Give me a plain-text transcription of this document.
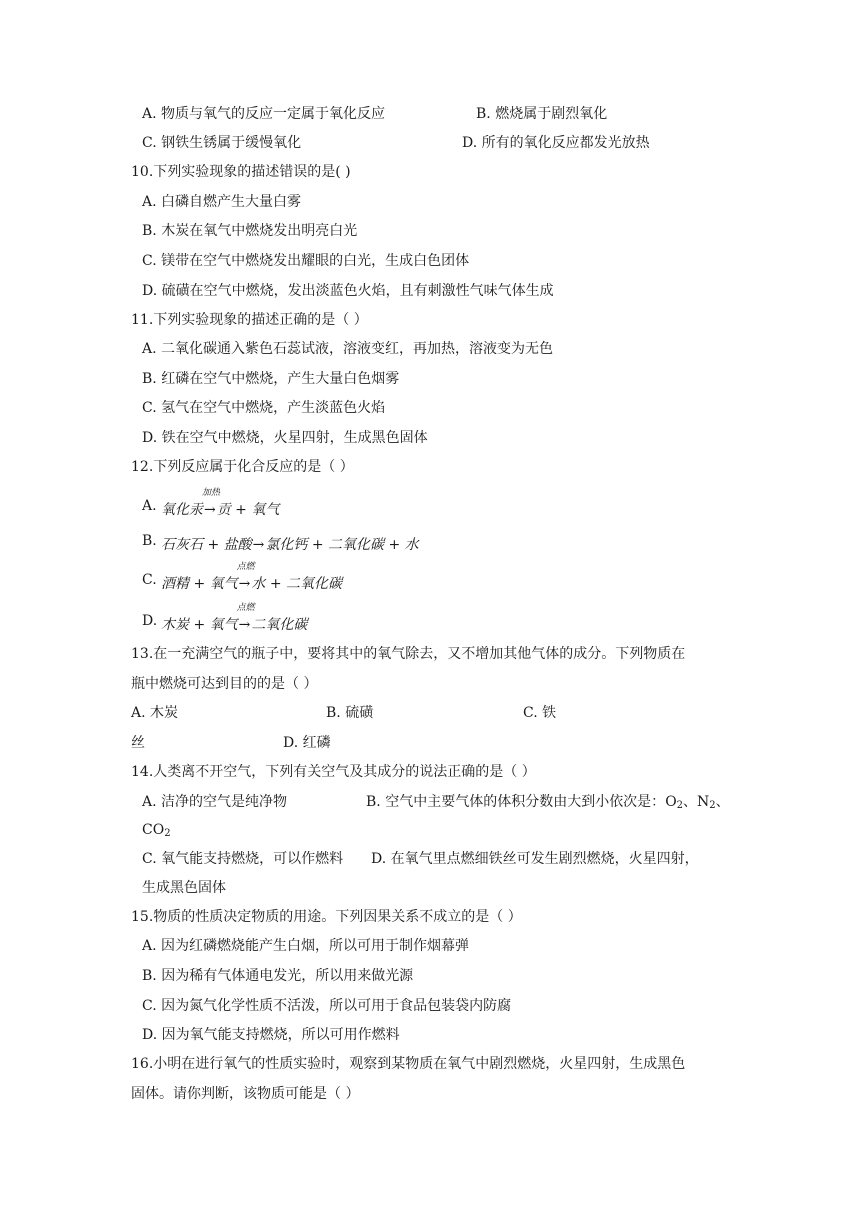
A. 物质与氧气的反应一定属于氧化反应	B. 燃烧属于剧烈氧化
C. 钢铁生锈属于缓慢氧化	D. 所有的氧化反应都发光放热
10.下列实验现象的描述错误的是( )
A. 白磷自燃产生大量白雾
B. 木炭在氧气中燃烧发出明亮白光
C. 镁带在空气中燃烧发出耀眼的白光，生成白色团体
D. 硫磺在空气中燃烧，发出淡蓝色火焰，且有刺激性气味气体生成
11.下列实验现象的描述正确的是（ ）
A. 二氧化碳通入紫色石蕊试液，溶液变红，再加热，溶液变为无色
B. 红磷在空气中燃烧，产生大量白色烟雾
C. 氢气在空气中燃烧，产生淡蓝色火焰
D. 铁在空气中燃烧，火星四射，生成黑色固体
12.下列反应属于化合反应的是（ ）
A. 氧化汞
加热
→贡 + 氧气
B. 石灰石 + 盐酸→氯化钙 + 二氧化碳 + 水
C. 酒精 + 氧气
点燃
→水 + 二氧化碳
D. 木炭 + 氧气
点燃
→二氧化碳
13.在一充满空气的瓶子中，要将其中的氧气除去，又不增加其他气体的成分。下列物质在
瓶中燃烧可达到目的的是（ ）
A. 木炭	B. 硫磺	C. 铁
丝	D. 红磷
14.人类离不开空气，下列有关空气及其成分的说法正确的是（ ）
A. 洁净的空气是纯净物	B. 空气中主要气体的体积分数由大到小依次是：$O_2$、$N_2$、
$CO_2$
C. 氧气能支持燃烧，可以作燃料 D. 在氧气里点燃细铁丝可发生剧烈燃烧，火星四射，
生成黑色固体
15.物质的性质决定物质的用途。下列因果关系不成立的是（ ）
A. 因为红磷燃烧能产生白烟，所以可用于制作烟幕弹
B. 因为稀有气体通电发光，所以用来做光源
C. 因为氮气化学性质不活泼，所以可用于食品包装袋内防腐
D. 因为氧气能支持燃烧，所以可用作燃料
16.小明在进行氧气的性质实验时，观察到某物质在氧气中剧烈燃烧，火星四射，生成黑色
固体。请你判断，该物质可能是（ ）
